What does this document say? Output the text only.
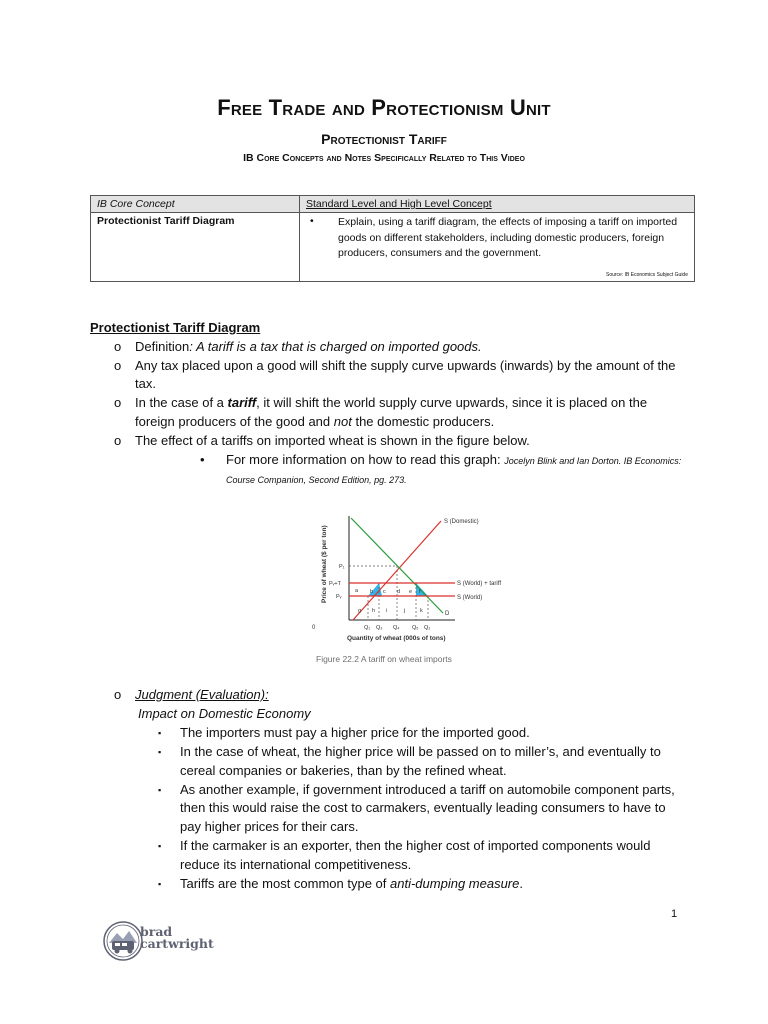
Free Trade and Protectionism Unit
Protectionist Tariff
IB Core Concepts and Notes Specifically Related to This Video
IB Core Concept	Standard Level and High Level Concept
Protectionist Tariff Diagram	• Explain, using a tariff diagram, the effects of imposing a tariff on imported goods on different stakeholders, including domestic producers, foreign producers, consumers and the government.
Source: IB Economics Subject Guide
Protectionist Tariff Diagram
o	Definition: A tariff is a tax that is charged on imported goods.
o	Any tax placed upon a good will shift the supply curve upwards (inwards) by the amount of the tax.
o	In the case of a tariff, it will shift the world supply curve upwards, since it is placed on the foreign producers of the good and not the domestic producers.
o	The effect of a tariffs on imported wheat is shown in the figure below.
•	For more information on how to read this graph: Jocelyn Blink and Ian Dorton. IB Economics: Course Companion, Second Edition, pg. 273.
S (Domestic)
D
S (World) + tariff
S (World)
P₁
Pᵥ+T
Pᵥ
0	Q₁ Q₃ Q₄ Q₅ Q₂
Quantity of wheat (000s of tons)
Price of wheat ($ per ton)	a b c d e f
g h i	j	k
Figure 22.2 A tariff on wheat imports
o	Judgment (Evaluation):
Impact on Domestic Economy
▪	The importers must pay a higher price for the imported good.
▪	In the case of wheat, the higher price will be passed on to miller’s, and eventually to cereal companies or bakeries, than by the refined wheat.
▪	As another example, if government introduced a tariff on automobile component parts, then this would raise the cost to carmakers, eventually leading consumers to have to pay higher prices for their cars.
▪	If the carmaker is an exporter, then the higher cost of imported components would reduce its international competitiveness.
▪	Tariffs are the most common type of anti-dumping measure.
1
brad
cartwright
